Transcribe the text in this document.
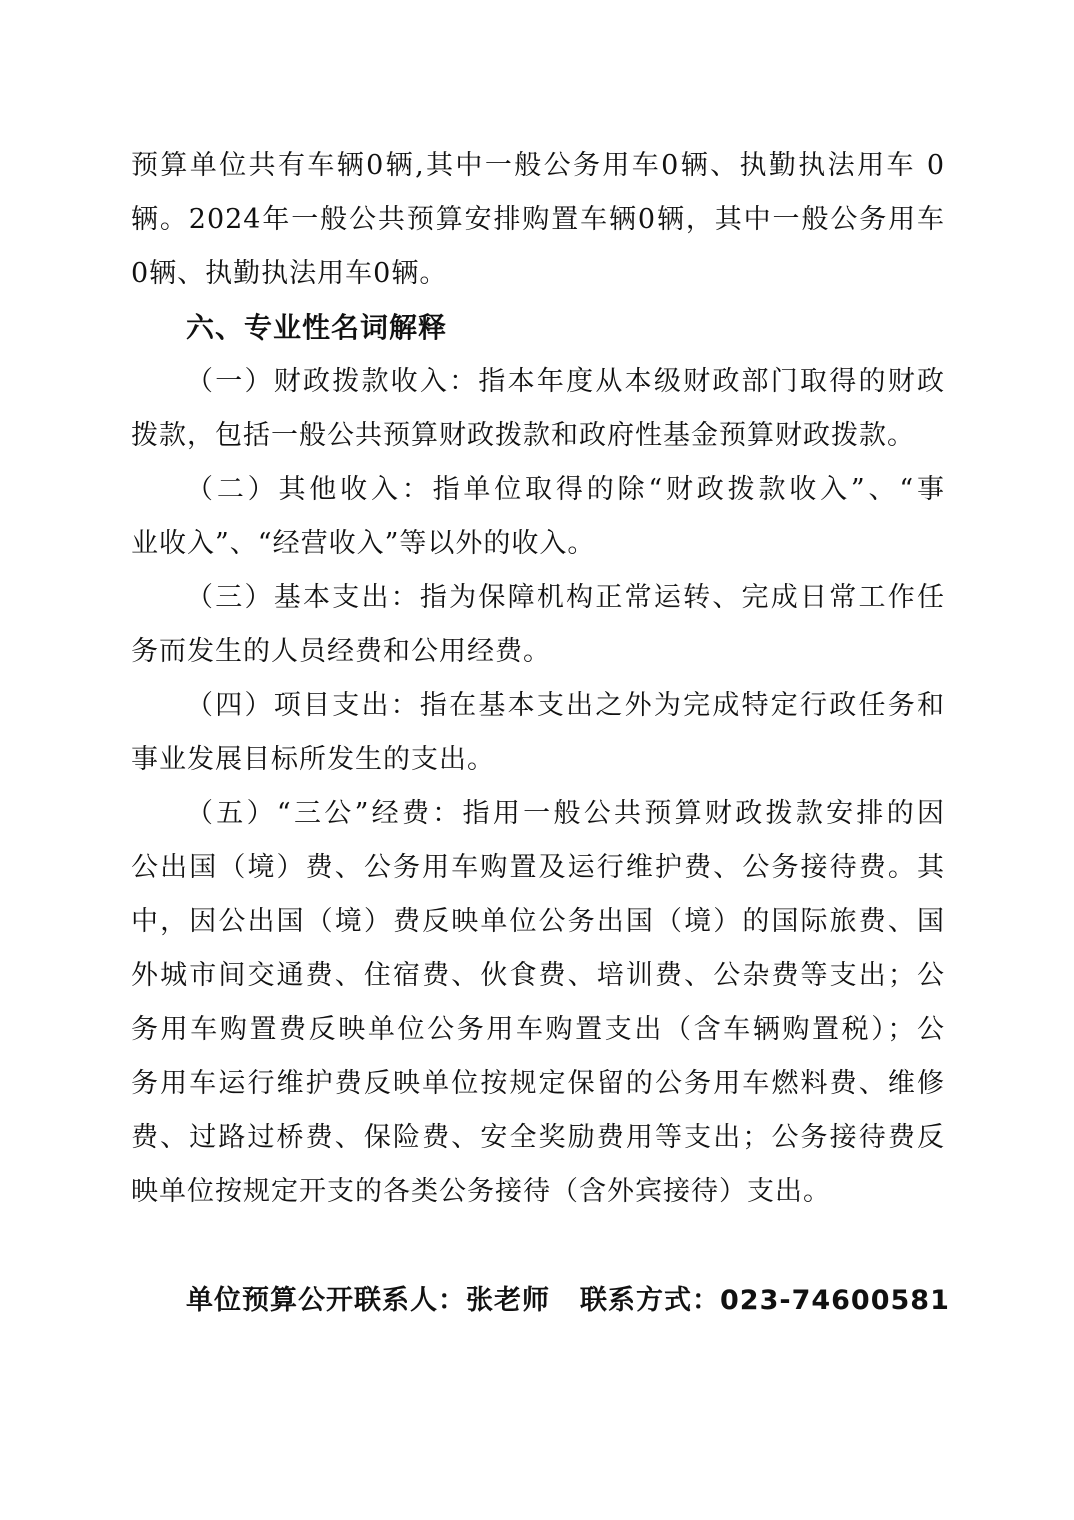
预算单位共有车辆0辆,其中一般公务用车0辆、执勤执法用车 0
辆。2024年一般公共预算安排购置车辆0辆，其中一般公务用车
0辆、执勤执法用车0辆。
六、专业性名词解释
（一）财政拨款收入：指本年度从本级财政部门取得的财政
拨款，包括一般公共预算财政拨款和政府性基金预算财政拨款。
（二）其他收入：指单位取得的除“财政拨款收入”、“事
业收入”、“经营收入”等以外的收入。
（三）基本支出：指为保障机构正常运转、完成日常工作任
务而发生的人员经费和公用经费。
（四）项目支出：指在基本支出之外为完成特定行政任务和
事业发展目标所发生的支出。
（五）“三公”经费：指用一般公共预算财政拨款安排的因
公出国（境）费、公务用车购置及运行维护费、公务接待费。其
中，因公出国（境）费反映单位公务出国（境）的国际旅费、国
外城市间交通费、住宿费、伙食费、培训费、公杂费等支出；公
务用车购置费反映单位公务用车购置支出（含车辆购置税）；公
务用车运行维护费反映单位按规定保留的公务用车燃料费、维修
费、过路过桥费、保险费、安全奖励费用等支出；公务接待费反
映单位按规定开支的各类公务接待（含外宾接待）支出。
单位预算公开联系人：张老师 联系方式：023-74600581
